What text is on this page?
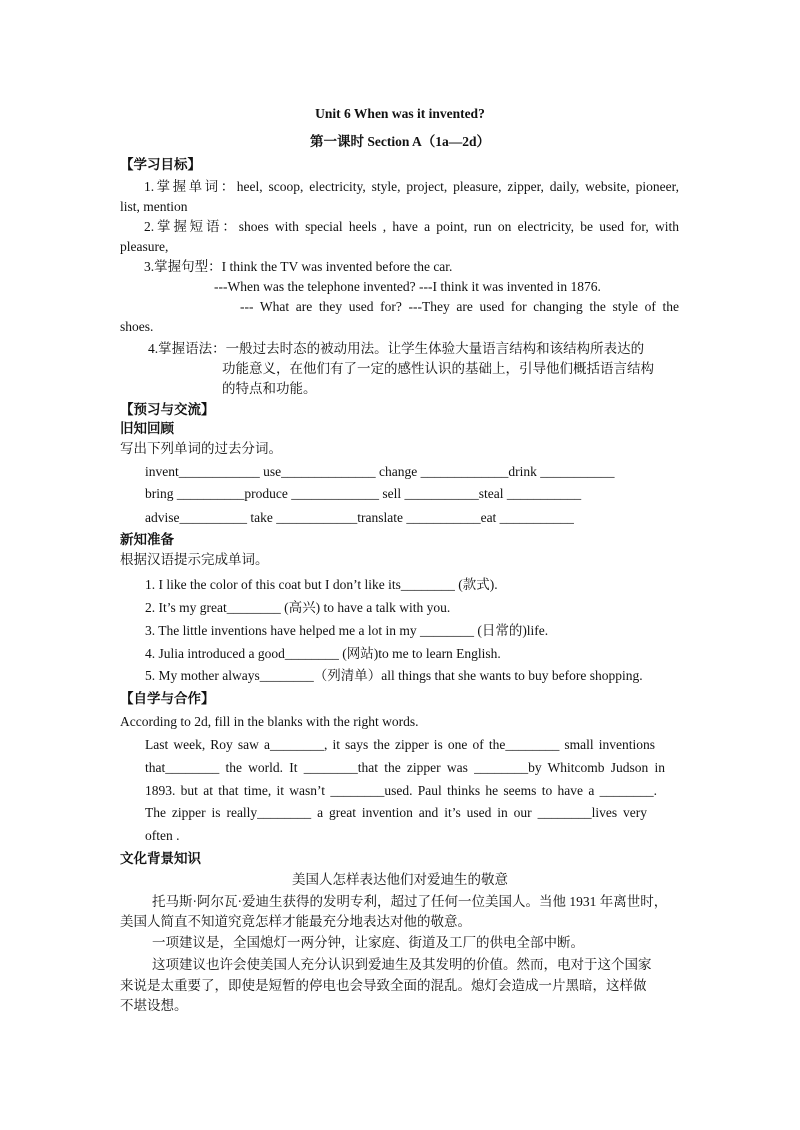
Unit 6 When was it invented?
第一课时 Section A（1a—2d）
【学习目标】
1.掌握单词：heel, scoop, electricity, style, project, pleasure, zipper, daily, website, pioneer,
list, mention
2.掌握短语：shoes with special heels , have a point, run on electricity, be used for, with
pleasure,
3.掌握句型：I think the TV was invented before the car.
---When was the telephone invented? ---I think it was invented in 1876.
--- What are they used for? ---They are used for changing the style of the
shoes.
4.掌握语法：一般过去时态的被动用法。让学生体验大量语言结构和该结构所表达的
功能意义，在他们有了一定的感性认识的基础上，引导他们概括语言结构
的特点和功能。
【预习与交流】
旧知回顾
写出下列单词的过去分词。
invent____________ use______________ change _____________drink ___________
bring __________produce _____________ sell ___________steal ___________
advise__________ take ____________translate ___________eat ___________
新知准备
根据汉语提示完成单词。
1. I like the color of this coat but I don’t like its________ (款式).
2. It’s my great________ (高兴) to have a talk with you.
3. The little inventions have helped me a lot in my ________ (日常的)life.
4. Julia introduced a good________ (网站)to me to learn English.
5. My mother always________（列清单）all things that she wants to buy before shopping.
【自学与合作】
According to 2d, fill in the blanks with the right words.
Last week, Roy saw a________, it says the zipper is one of the________ small inventions
that________ the world. It ________that the zipper was ________by Whitcomb Judson in
1893. but at that time, it wasn’t ________used. Paul thinks he seems to have a ________.
The zipper is really________ a great invention and it’s used in our ________lives very
often .
文化背景知识
美国人怎样表达他们对爱迪生的敬意
托马斯·阿尔瓦·爱迪生获得的发明专利，超过了任何一位美国人。当他 1931 年离世时，
美国人简直不知道究竟怎样才能最充分地表达对他的敬意。
一项建议是，全国熄灯一两分钟，让家庭、街道及工厂的供电全部中断。
这项建议也许会使美国人充分认识到爱迪生及其发明的价值。然而，电对于这个国家
来说是太重要了，即使是短暂的停电也会导致全面的混乱。熄灯会造成一片黑暗，这样做
不堪设想。
